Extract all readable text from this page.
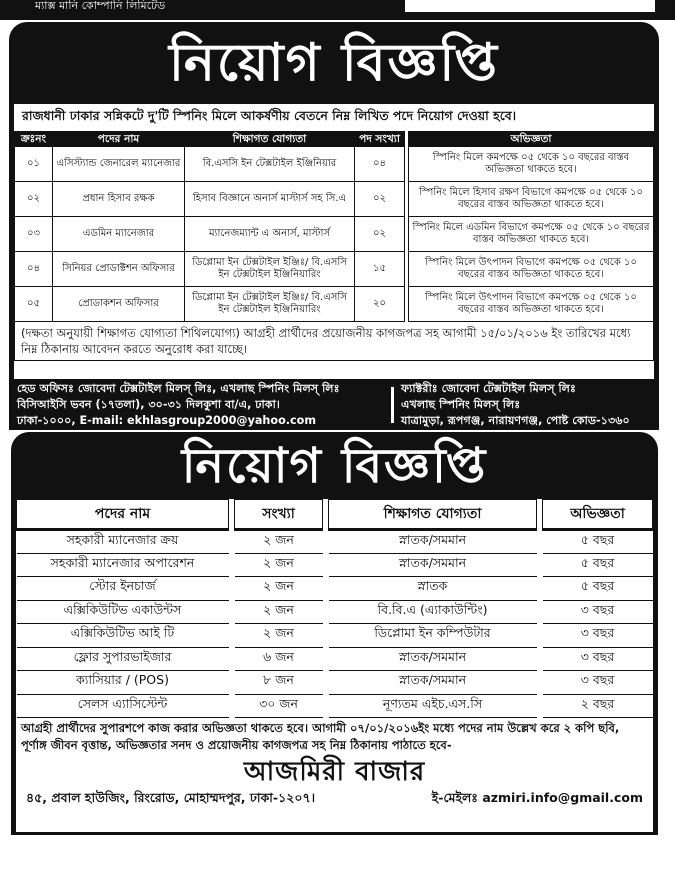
ম্যাক্স মানি কোম্পানি লিমিটেড
নিয়োগ বিজ্ঞপ্তি
রাজধানী ঢাকার সন্নিকটে দু'টি স্পিনিং মিলে আকর্ষণীয় বেতনে নিম্ন লিখিত পদে নিয়োগ দেওয়া হবে।
ক্রঃনং	পদের নাম	শিক্ষাগত যোগ্যতা	পদ সংখ্যা		অভিজ্ঞতা
০১	এসিস্ট্যান্ড জেনারেল ম্যানেজার	বি.এসসি ইন টেক্সটাইল ইঞ্জিনিয়ার	০৪		স্পিনিং মিলে কমপক্ষে ০৫ থেকে ১০ বছরের বাস্তব অভিজ্ঞতা থাকতে হবে।
০২	প্রধান হিসাব রক্ষক	হিসাব বিজ্ঞানে অনার্স মাস্টার্স সহ সি.এ	০২		স্পিনিং মিলে হিসাব রক্ষণ বিভাগে কমপক্ষে ০৫ থেকে ১০ বছরের বাস্তব অভিজ্ঞতা থাকতে হবে।
০৩	এডমিন ম্যানেজার	ম্যানেজম্যান্ট এ অনার্স, মাস্টার্স	০২		স্পিনিং মিলে এডমিন বিভাগে কমপক্ষে ০৫ থেকে ১০ বছরের বাস্তব অভিজ্ঞতা থাকতে হবে।
০৪	সিনিয়র প্রোডাক্টশন অফিসার	ডিপ্লোমা ইন টেক্সটাইল ইঞ্জিঃ/ বি.এসসি ইন টেক্সটাইল ইঞ্জিনিয়ারিং	১৫		স্পিনিং মিলে উৎপাদন বিভাগে কমপক্ষে ০৫ থেকে ১০ বছরের বাস্তব অভিজ্ঞতা থাকতে হবে।
০৫	প্রোডাকশন অফিসার	ডিপ্লোমা ইন টেক্সটাইল ইঞ্জিঃ/ বি.এসসি ইন টেক্সটাইল ইঞ্জিনিয়ারিং	২০		স্পিনিং মিলে উৎপাদন বিভাগে কমপক্ষে ০৫ থেকে ১০ বছরের বাস্তব অভিজ্ঞতা থাকতে হবে।
(দক্ষতা অনুযায়ী শিক্ষাগত যোগ্যতা শিথিলযোগ্য) আগ্রহী প্রার্থীদের প্রয়োজনীয় কাগজপত্র সহ আগামী ১৫/০১/২০১৬ ইং তারিখের মধ্যে নিম্ন ঠিকানায় আবেদন করতে অনুরোধ করা যাচ্ছে।
হেড অফিসঃ জোবেদা টেক্সটাইল মিলস্ লিঃ, এখলাছ স্পিনিং মিলস্ লিঃ
বিসিআইসি ভবন (১৭তলা), ৩০-৩১ দিলকুশা বা/এ, ঢাকা।
ঢাকা-১০০০, E-mail: ekhlasgroup2000@yahoo.com
ফ্যাক্টরীঃ জোবেদা টেক্সটাইল মিলস্ লিঃ
এখলাছ স্পিনিং মিলস্ লিঃ
যাত্রামুড়া, রূপগঞ্জ, নারায়ণগঞ্জ, পোষ্ট কোড-১৩৬০
নিয়োগ বিজ্ঞপ্তি
পদের নাম		সংখ্যা		শিক্ষাগত যোগ্যতা		অভিজ্ঞতা
সহকারী ম্যানেজার ক্রয়		২ জন		স্নাতক/সমমান		৫ বছর
সহকারী ম্যানেজার অপারেশন		২ জন		স্নাতক/সমমান		৫ বছর
স্টোর ইনচার্জ		২ জন		স্নাতক		৫ বছর
এক্সিকিউটিভ একাউন্টস		২ জন		বি.বি.এ (এ্যাকাউন্টিং)		৩ বছর
এক্সিকিউটিভ আই টি		২ জন		ডিপ্লোমা ইন কম্পিউটার		৩ বছর
ফ্লোর সুপারভাইজার		৬ জন		স্নাতক/সমমান		৩ বছর
ক্যাসিয়ার / (POS)		৮ জন		স্নাতক/সমমান		৩ বছর
সেলস এ্যাসিস্টেন্ট		৩০ জন		নূণ্যতম এইচ.এস.সি		২ বছর
আগ্রহী প্রার্থীদের সুপারশপে কাজ করার অভিজ্ঞতা থাকতে হবে। আগামী ০৭/০১/২০১৬ইং মধ্যে পদের নাম উল্লেখ করে ২ কপি ছবি, পূর্ণাঙ্গ জীবন বৃত্তান্ত, অভিজ্ঞতার সনদ ও প্রয়োজনীয় কাগজপত্র সহ নিম্ন ঠিকানায় পাঠাতে হবে-
আজমিরী বাজার
৪৫, প্রবাল হাউজিং, রিংরোড, মোহাম্মদপুর, ঢাকা-১২০৭।	ই-মেইলঃ azmiri.info@gmail.com
